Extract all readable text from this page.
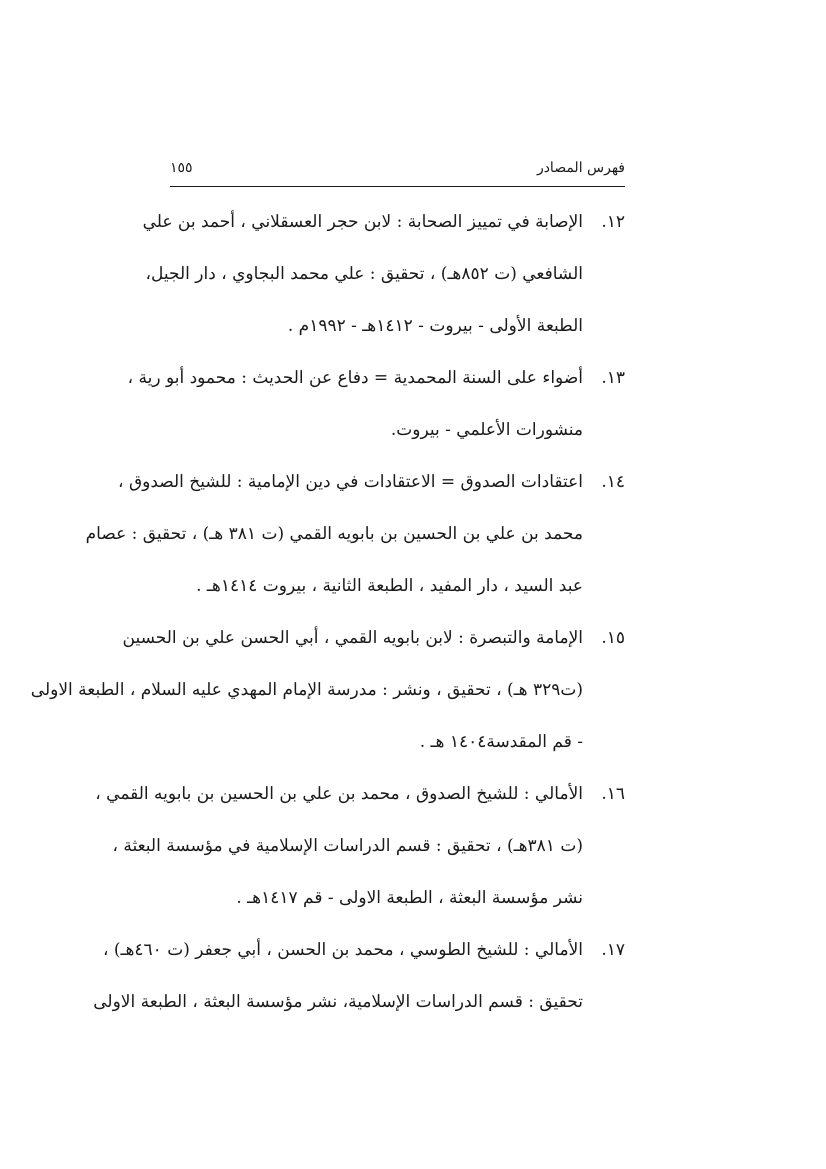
فهرس المصادر
١٥٥
١٢.
الإصابة في تمييز الصحابة : لابن حجر العسقلاني ، أحمد بن علي
الشافعي (ت ٨٥٢هـ) ، تحقيق : علي محمد البجاوي ، دار الجيل،
الطبعة الأولى - بيروت - ١٤١٢هـ - ١٩٩٢م .
١٣.
أضواء على السنة المحمدية = دفاع عن الحديث : محمود أبو رية ،
منشورات الأعلمي - بيروت.
١٤.
اعتقادات الصدوق = الاعتقادات في دين الإمامية : للشيخ الصدوق ،
محمد بن علي بن الحسين بن بابويه القمي (ت ٣٨١ هـ) ، تحقيق : عصام
عبد السيد ، دار المفيد ، الطبعة الثانية ، بيروت ١٤١٤هـ .
١٥.
الإمامة والتبصرة : لابن بابويه القمي ، أبي الحسن علي بن الحسين
(ت٣٢٩ هـ) ، تحقيق ، ونشر : مدرسة الإمام المهدي عليه السلام ، الطبعة الاولى
- قم المقدسة١٤٠٤ هـ .
١٦.
الأمالي : للشيخ الصدوق ، محمد بن علي بن الحسين بن بابويه القمي ،
(ت ٣٨١هـ) ، تحقيق : قسم الدراسات الإسلامية في مؤسسة البعثة ،
نشر مؤسسة البعثة ، الطبعة الاولى - قم ١٤١٧هـ .
١٧.
الأمالي : للشيخ الطوسي ، محمد بن الحسن ، أبي جعفر (ت ٤٦٠هـ) ،
تحقيق : قسم الدراسات الإسلامية، نشر مؤسسة البعثة ، الطبعة الاولى
